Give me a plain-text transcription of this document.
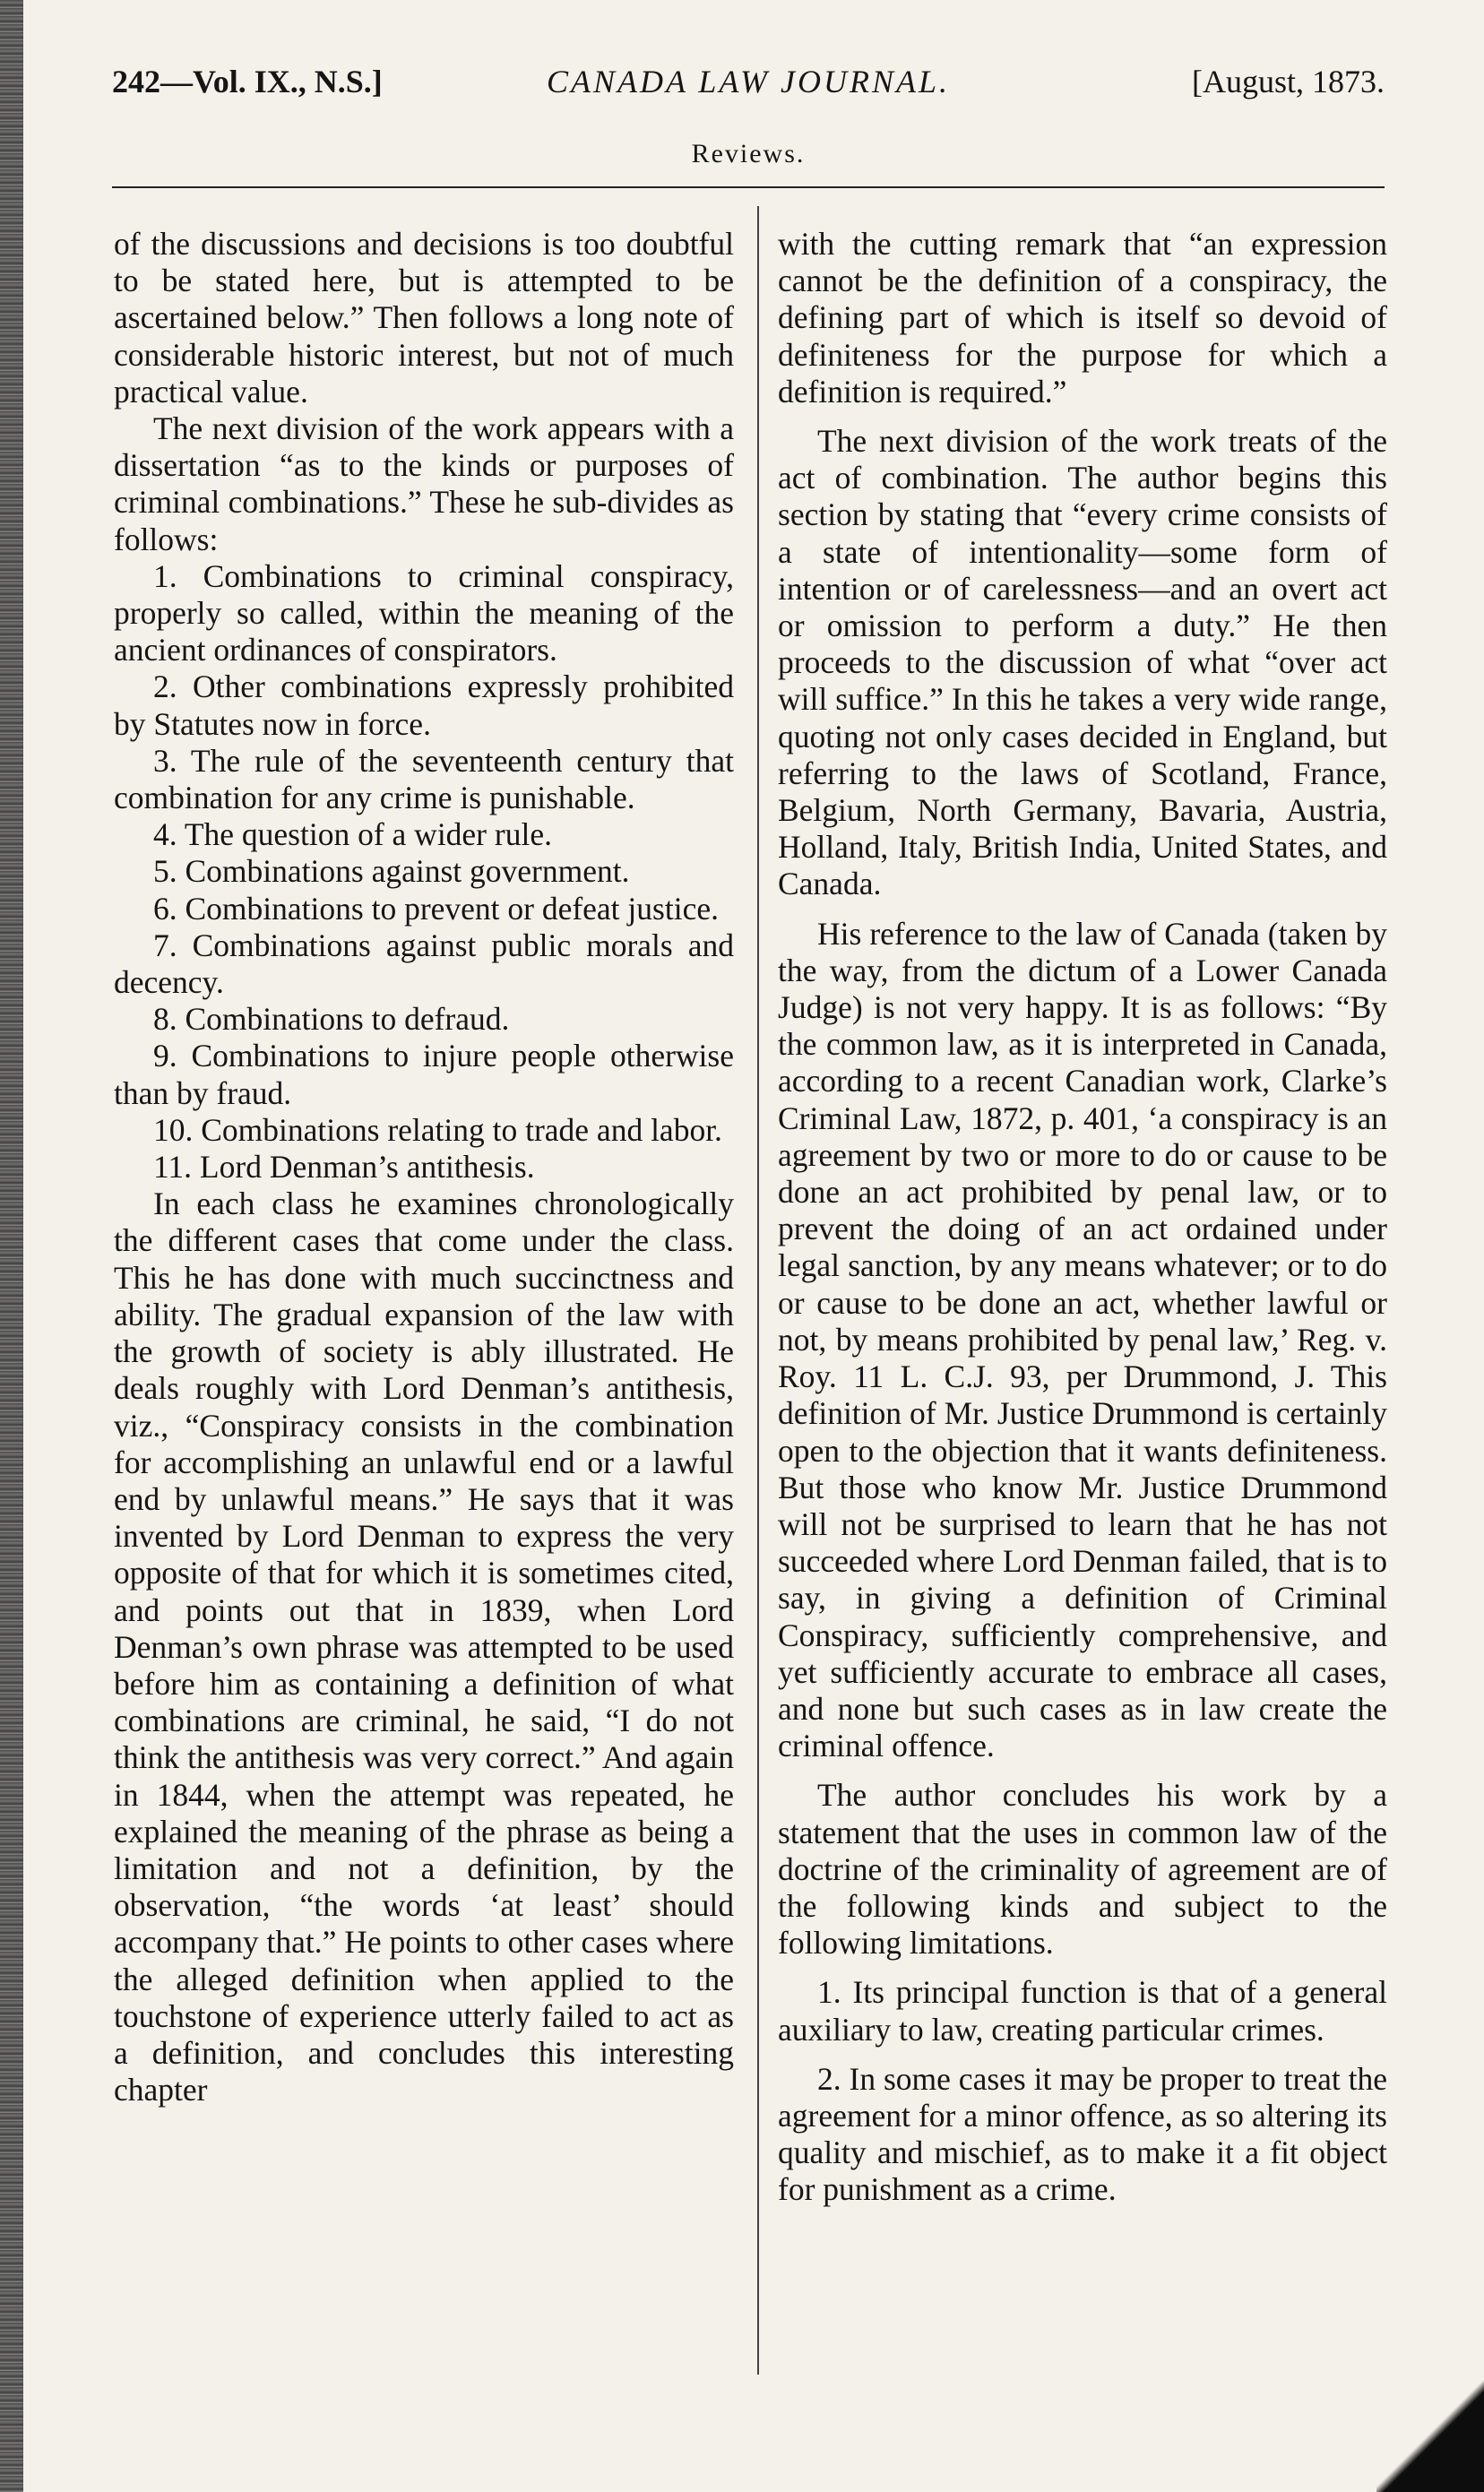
242—Vol. IX., N.S.]	CANADA LAW JOURNAL.	[August, 1873.
Reviews.

of the discussions and decisions is too doubtful to be stated here, but is attempted to be ascertained below.” Then follows a long note of considerable historic interest, but not of much practical value.

The next division of the work appears with a dissertation “as to the kinds or purposes of criminal combinations.” These he sub-divides as follows:

1. Combinations to criminal conspiracy, properly so called, within the meaning of the ancient ordinances of conspirators.

2. Other combinations expressly prohibited by Statutes now in force.

3. The rule of the seventeenth century that combination for any crime is punishable.

4. The question of a wider rule.

5. Combinations against government.

6. Combinations to prevent or defeat justice.

7. Combinations against public morals and decency.

8. Combinations to defraud.

9. Combinations to injure people otherwise than by fraud.

10. Combinations relating to trade and labor.

11. Lord Denman’s antithesis.

In each class he examines chronologically the different cases that come under the class. This he has done with much succinctness and ability. The gradual expansion of the law with the growth of society is ably illustrated. He deals roughly with Lord Denman’s antithesis, viz., “Conspiracy consists in the combination for accomplishing an unlawful end or a lawful end by unlawful means.” He says that it was invented by Lord Denman to express the very opposite of that for which it is sometimes cited, and points out that in 1839, when Lord Denman’s own phrase was attempted to be used before him as containing a definition of what combinations are criminal, he said, “I do not think the antithesis was very correct.” And again in 1844, when the attempt was repeated, he explained the meaning of the phrase as being a limitation and not a definition, by the observation, “the words ‘at least’ should accompany that.” He points to other cases where the alleged definition when applied to the touchstone of experience utterly failed to act as a definition, and concludes this interesting chapter

with the cutting remark that “an expression cannot be the definition of a conspiracy, the defining part of which is itself so devoid of definiteness for the purpose for which a definition is required.”

The next division of the work treats of the act of combination. The author begins this section by stating that “every crime consists of a state of intentionality—some form of intention or of carelessness—and an overt act or omission to perform a duty.” He then proceeds to the discussion of what “over act will suffice.” In this he takes a very wide range, quoting not only cases decided in England, but referring to the laws of Scotland, France, Belgium, North Germany, Bavaria, Austria, Holland, Italy, British India, United States, and Canada.

His reference to the law of Canada (taken by the way, from the dictum of a Lower Canada Judge) is not very happy. It is as follows: “By the common law, as it is interpreted in Canada, according to a recent Canadian work, Clarke’s Criminal Law, 1872, p. 401, ‘a conspiracy is an agreement by two or more to do or cause to be done an act prohibited by penal law, or to prevent the doing of an act ordained under legal sanction, by any means whatever; or to do or cause to be done an act, whether lawful or not, by means prohibited by penal law,’ Reg. v. Roy. 11 L. C.J. 93, per Drummond, J. This definition of Mr. Justice Drummond is certainly open to the objection that it wants definiteness. But those who know Mr. Justice Drummond will not be surprised to learn that he has not succeeded where Lord Denman failed, that is to say, in giving a definition of Criminal Conspiracy, sufficiently comprehensive, and yet sufficiently accurate to embrace all cases, and none but such cases as in law create the criminal offence.

The author concludes his work by a statement that the uses in common law of the doctrine of the criminality of agreement are of the following kinds and subject to the following limitations.

1. Its principal function is that of a general auxiliary to law, creating particular crimes.

2. In some cases it may be proper to treat the agreement for a minor offence, as so altering its quality and mischief, as to make it a fit object for punishment as a crime.
